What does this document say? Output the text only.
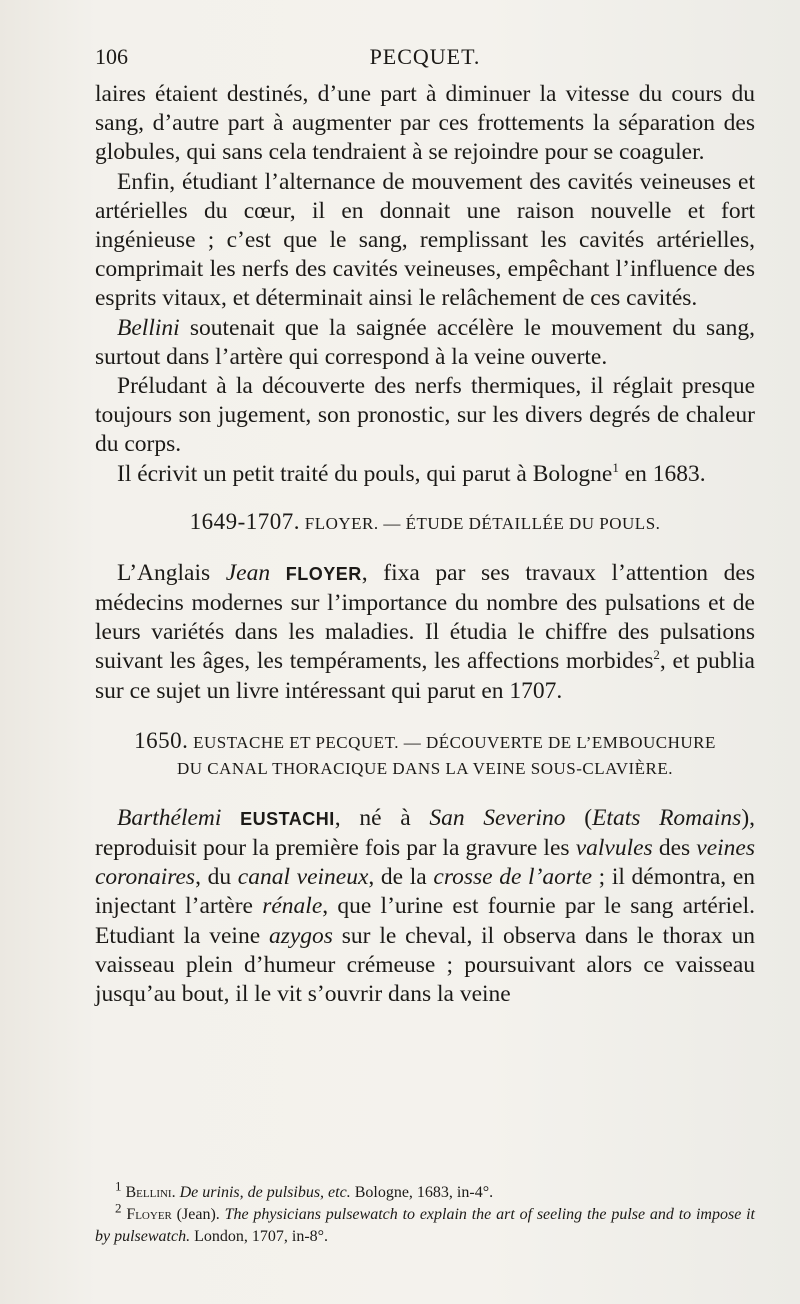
106	PECQUET.

laires étaient destinés, d’une part à diminuer la vitesse du cours du sang, d’autre part à augmenter par ces frottements la séparation des globules, qui sans cela tendraient à se rejoindre pour se coaguler.

Enfin, étudiant l’alternance de mouvement des cavités veineuses et artérielles du cœur, il en donnait une raison nouvelle et fort ingénieuse ; c’est que le sang, remplissant les cavités artérielles, comprimait les nerfs des cavités veineuses, empêchant l’influence des esprits vitaux, et déterminait ainsi le relâchement de ces cavités.

Bellini soutenait que la saignée accélère le mouvement du sang, surtout dans l’artère qui correspond à la veine ouverte.

Préludant à la découverte des nerfs thermiques, il réglait presque toujours son jugement, son pronostic, sur les divers degrés de chaleur du corps.

Il écrivit un petit traité du pouls, qui parut à Bologne$^1$ en 1683.

1649-1707. FLOYER. — ÉTUDE DÉTAILLÉE DU POULS.

L’Anglais Jean FLOYER, fixa par ses travaux l’attention des médecins modernes sur l’importance du nombre des pulsations et de leurs variétés dans les maladies. Il étudia le chiffre des pulsations suivant les âges, les tempéraments, les affections morbides$^2$, et publia sur ce sujet un livre intéressant qui parut en 1707.

1650. EUSTACHE ET PECQUET. — DÉCOUVERTE DE L’EMBOUCHURE
DU CANAL THORACIQUE DANS LA VEINE SOUS-CLAVIÈRE.

Barthélemi EUSTACHI, né à San Severino (Etats Romains), reproduisit pour la première fois par la gravure les valvules des veines coronaires, du canal veineux, de la crosse de l’aorte ; il démontra, en injectant l’artère rénale, que l’urine est fournie par le sang artériel. Etudiant la veine azygos sur le cheval, il observa dans le thorax un vaisseau plein d’humeur crémeuse ; poursuivant alors ce vaisseau jusqu’au bout, il le vit s’ouvrir dans la veine

$^1$ Bellini. De urinis, de pulsibus, etc. Bologne, 1683, in-4°.

$^2$ Floyer (Jean). The physicians pulsewatch to explain the art of seeling the pulse and to impose it by pulsewatch. London, 1707, in-8°.
